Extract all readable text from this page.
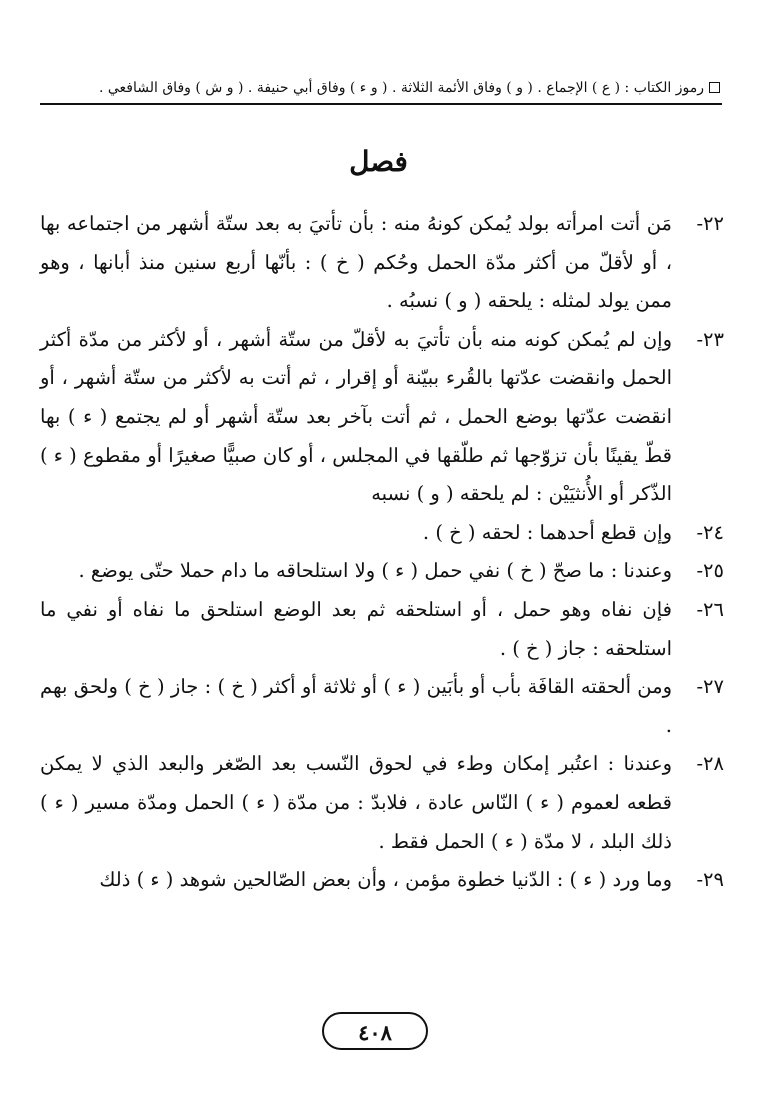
رموز الكتاب : ( ع ) الإجماع . ( و ) وفاق الأئمة الثلاثة . ( و ء ) وفاق أبي حنيفة . ( و ش ) وفاق الشافعي .
فصل
٢٢-مَن أتت امرأته بولد يُمكن كونهُ منه : بأن تأتيَ به بعد ستّة أشهر من اجتماعه بها ، أو لأقلّ من أكثر مدّة الحمل وحُكم ( خ ) : بأنّها أربع سنين منذ أبانها ، وهو ممن يولد لمثله : يلحقه ( و ) نسبُه .
٢٣-وإن لم يُمكن كونه منه بأن تأتيَ به لأقلّ من ستّة أشهر ، أو لأكثر من مدّة أكثر الحمل وانقضت عدّتها بالقُرء ببيّنة أو إقرار ، ثم أتت به لأكثر من ستّة أشهر ، أو انقضت عدّتها بوضع الحمل ، ثم أتت بآخر بعد ستّة أشهر أو لم يجتمع ( ء ) بها قطّ يقينًا بأن تزوّجها ثم طلّقها في المجلس ، أو كان صبيًّا صغيرًا أو مقطوع ( ء ) الذّكر أو الأُنثيَيْن : لم يلحقه ( و ) نسبه
٢٤-وإن قطع أحدهما : لحقه ( خ ) .
٢٥-وعندنا : ما صحّ ( خ ) نفي حمل ( ء ) ولا استلحاقه ما دام حملا حتّى يوضع .
٢٦-فإن نفاه وهو حمل ، أو استلحقه ثم بعد الوضع استلحق ما نفاه أو نفي ما استلحقه : جاز ( خ ) .
٢٧-ومن ألحقته القافَة بأب أو بأبَين ( ء ) أو ثلاثة أو أكثر ( خ ) : جاز ( خ ) ولحق بهم .
٢٨-وعندنا : اعتُبر إمكان وطء في لحوق النّسب بعد الصّغر والبعد الذي لا يمكن قطعه لعموم ( ء ) النّاس عادة ، فلابدّ : من مدّة ( ء ) الحمل ومدّة مسير ( ء ) ذلك البلد ، لا مدّة ( ء ) الحمل فقط .
٢٩-وما ورد ( ء ) : الدّنيا خطوة مؤمن ، وأن بعض الصّالحين شوهد ( ء ) ذلك
٤٠٨
